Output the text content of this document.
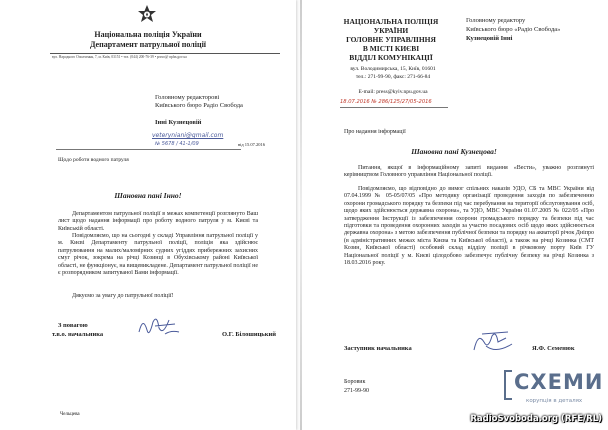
Національна поліція України
Департамент патрульної поліції
вул. Народного Ополчення, 7, м. Київ, 03151 • тел. (044) 200-76-39 • pravo@ nphn.gov.ua
Головному редакторові
Київського бюро Радіо Свобода
Інні Кузнецовій
veteryniani@gmail.com
№ 5678 / 41-1/09	від 15.07.2016
Щодо роботи водного патруля
Шановна пані Інно!
Департаментом патрульної поліції в межах компетенції розглянуто Ваш лист щодо надання інформації про роботу водного патруля у м. Києві та Київській області.
Повідомляємо, що на сьогодні у складі Управління патрульної поліції у м. Києві Департаменту патрульної поліції, поліція яка здійснює патрулювання на малих/маломірних судних угіддях прибережних захисних смуг річок, зокрема на річці Козинці в Обухівському районі Київської області, не функціонує, на вищевикладене. Департамент патрульної поліції не є розпорядником запитуваної Вами інформації.
Дякуємо за увагу до патрульної поліції!
З повагою
т.в.о. начальника	О.Г. Білошицький
Чельцева
НАЦІОНАЛЬНА ПОЛІЦІЯ
УКРАЇНИ
ГОЛОВНЕ УПРАВЛІННЯ
В МІСТІ КИЄВІ
ВІДДІЛ КОМУНІКАЦІЇ
вул. Володимирська, 15, Київ, 01601
тел.: 271-99-90, факс: 271-66-84
E-mail: press@kyiv.npu.gov.ua
18.07.2016 № 286/125/27/05-2016
Головному редактору
Київського бюро «Радіо Свобода»
Кузнецовій Інні
Про надання інформації
Шановна пані Кузнецова!
Питання, якщої в інформаційному запиті видання «Вести», уважно розглянуті керівництвом Головного управління Національної поліції.
Повідомляємо, що відповідно до вимог спільних наказів УДО, СБ та МВС України від 07.04.1999 № 05-05/07/05 «Про методику організації проведення заходів по забезпеченню охорони громадського порядку та безпеки під час перебування на території обслуговування осіб, щодо яких здійснюється державна охорона», та УДО, МВС України 01.07.2005 № 022/05 «Про затвердження Інструкції із забезпечення охорони громадського порядку та безпеки під час підготовки та проведення охоронних заходів за участю посадових осіб щодо яких здійснюється державна охорона» з метою забезпечення публічної безпеки та порядку на акваторії річок Дніпро (в адміністративних межах міста Києва та Київської області), а також на річці Козинка (СМТ Козин, Київської області) особовий склад відділу поліції в річковому порту Київ ГУ Національної поліції у м. Києві цілодобово забезпечує публічну безпеку на річці Козинка з 18.03.2016 року.
Заступник начальника	Я.Ф. Семенюк
Боровик
271-99-90	СХЕМИ
корупція в деталях
RadioSvoboda.org (RFE/RL)
